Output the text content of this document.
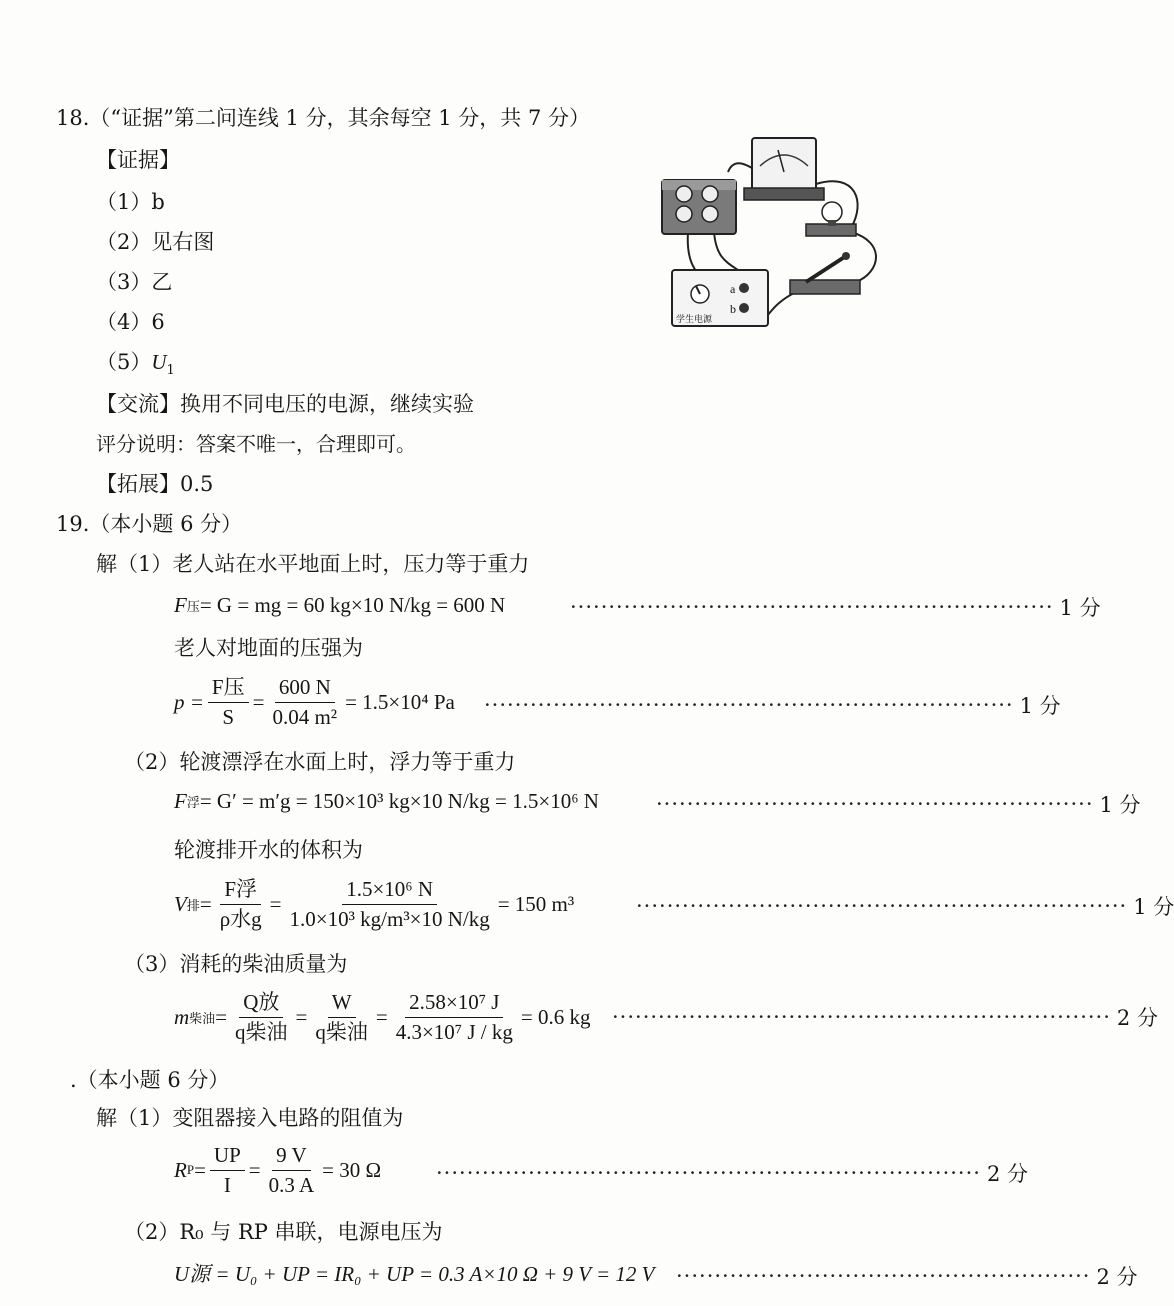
18.（“证据”第二问连线 1 分，其余每空 1 分，共 7 分）
【证据】
（1）b
（2）见右图
（3）乙
（4）6
$(5)U_1$
【交流】换用不同电压的电源，继续实验
评分说明：答案不唯一，合理即可。
【拓展】0.5
a
b
学生电源
19.（本小题 6 分）
解（1）老人站在水平地面上时，压力等于重力
F 压 = G = mg = 60 kg×10 N/kg = 600 N	······························································· 1 分
老人对地面的压强为
$p = \frac{\text{F压}}{S} = \frac{600 N}{\text{0.04 m²}} = 1.5\times 10^4$ Pa ····································································· 1 分
（2）轮渡漂浮在水面上时，浮力等于重力
F 浮 = G′ = m′g = 150×10³ kg×10 N/kg = 1.5×10⁶ N	························································· 1 分
轮渡排开水的体积为
V 排 = $\frac{\text{F浮}}{\text{ρ水g}} = \frac{\text{1.5×10⁶ N}}{\text{1.0×10³ kg/m³×10 N/kg}} = 150$ m³	································································ 1 分
（3）消耗的柴油质量为
m 柴油 = $\frac{\text{Q放}}{\text{q柴油}} = \frac{W}{\text{q柴油}} = \frac{\text{2.58×10⁷ J}}{\text{4.3×10⁷ J / kg}} = 0.6$ kg ································································· 2 分
.（本小题 6 分）
解（1）变阻器接入电路的阻值为
R $P = \frac{UP}{I} = \frac{9 V}{0.3 A} = 30$ Ω	······································································· 2 分
（2）R₀ 与 RP 串联，电源电压为
U源 = U₀ + UP = IR₀ + UP = 0.3 A×10 Ω + 9 V = 12 V ······················································ 2 分
